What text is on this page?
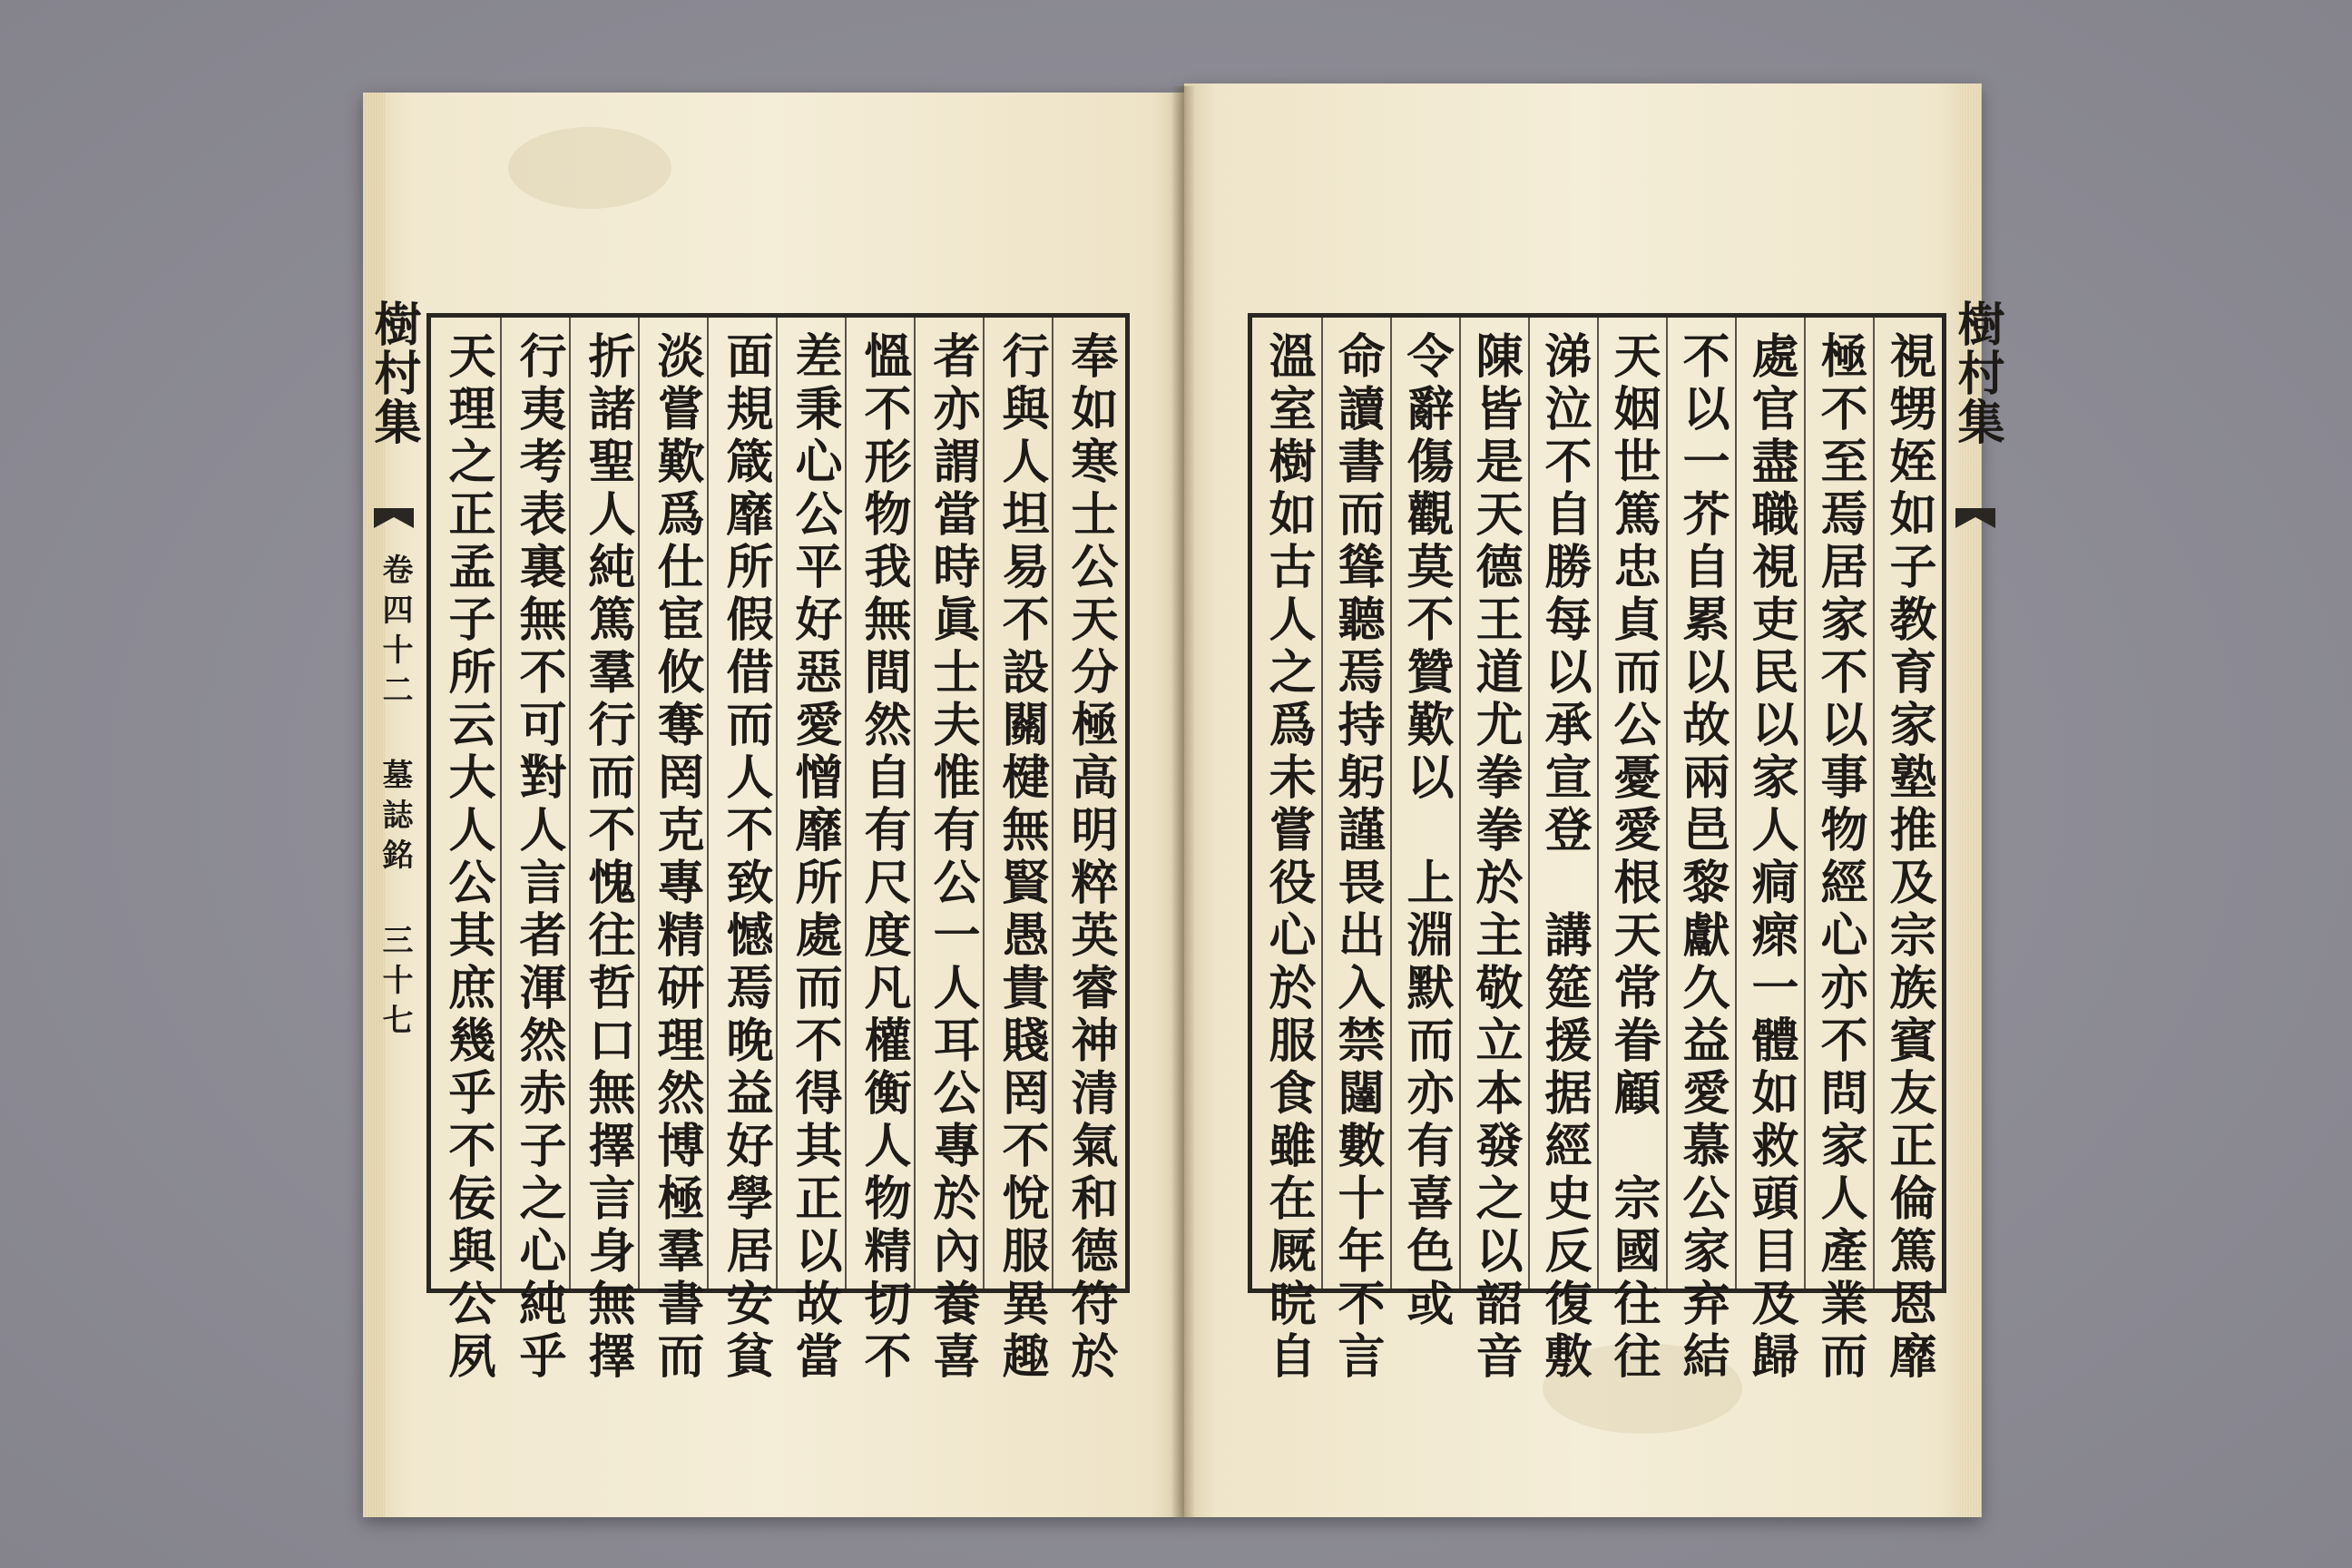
樹村集
卷四十二 墓誌銘 三十七
樹村集
奉如寒士公天分極高明粹英睿神清氣和德符於
行與人坦易不設關楗無賢愚貴賤罔不悅服異趣
者亦謂當時眞士夫惟有公一人耳公專於內養喜
慍不形物我無間然自有尺度凡權衡人物精切不
差秉心公平好惡愛憎靡所處而不得其正以故當
面規箴靡所假借而人不致憾焉晚益好學居安貧
淡嘗歎爲仕宦攸奪罔克專精研理然博極羣書而
折諸聖人純篤羣行而不愧往哲口無擇言身無擇
行夷考表裏無不可對人言者渾然赤子之心純乎
天理之正孟子所云大人公其庶幾乎不佞與公夙	視甥姪如子教育家塾推及宗族賓友正倫篤恩靡
極不至焉居家不以事物經心亦不問家人產業而
處官盡職視吏民以家人痌瘝一體如救頭目及歸
不以一芥自累以故兩邑黎獻久益愛慕公家弃結
天姻世篤忠貞而公憂愛根天常眷顧　宗國往往
涕泣不自勝每以承宣登　講筵援据經史反復敷
陳皆是天德王道尤拳拳於主敬立本發之以韶音
令辭傷觀莫不贊歎以　上淵默而亦有喜色或
命讀書而聳聽焉持躬謹畏出入禁闥數十年不言
溫室樹如古人之爲未嘗役心於服食雖在厩晥自
